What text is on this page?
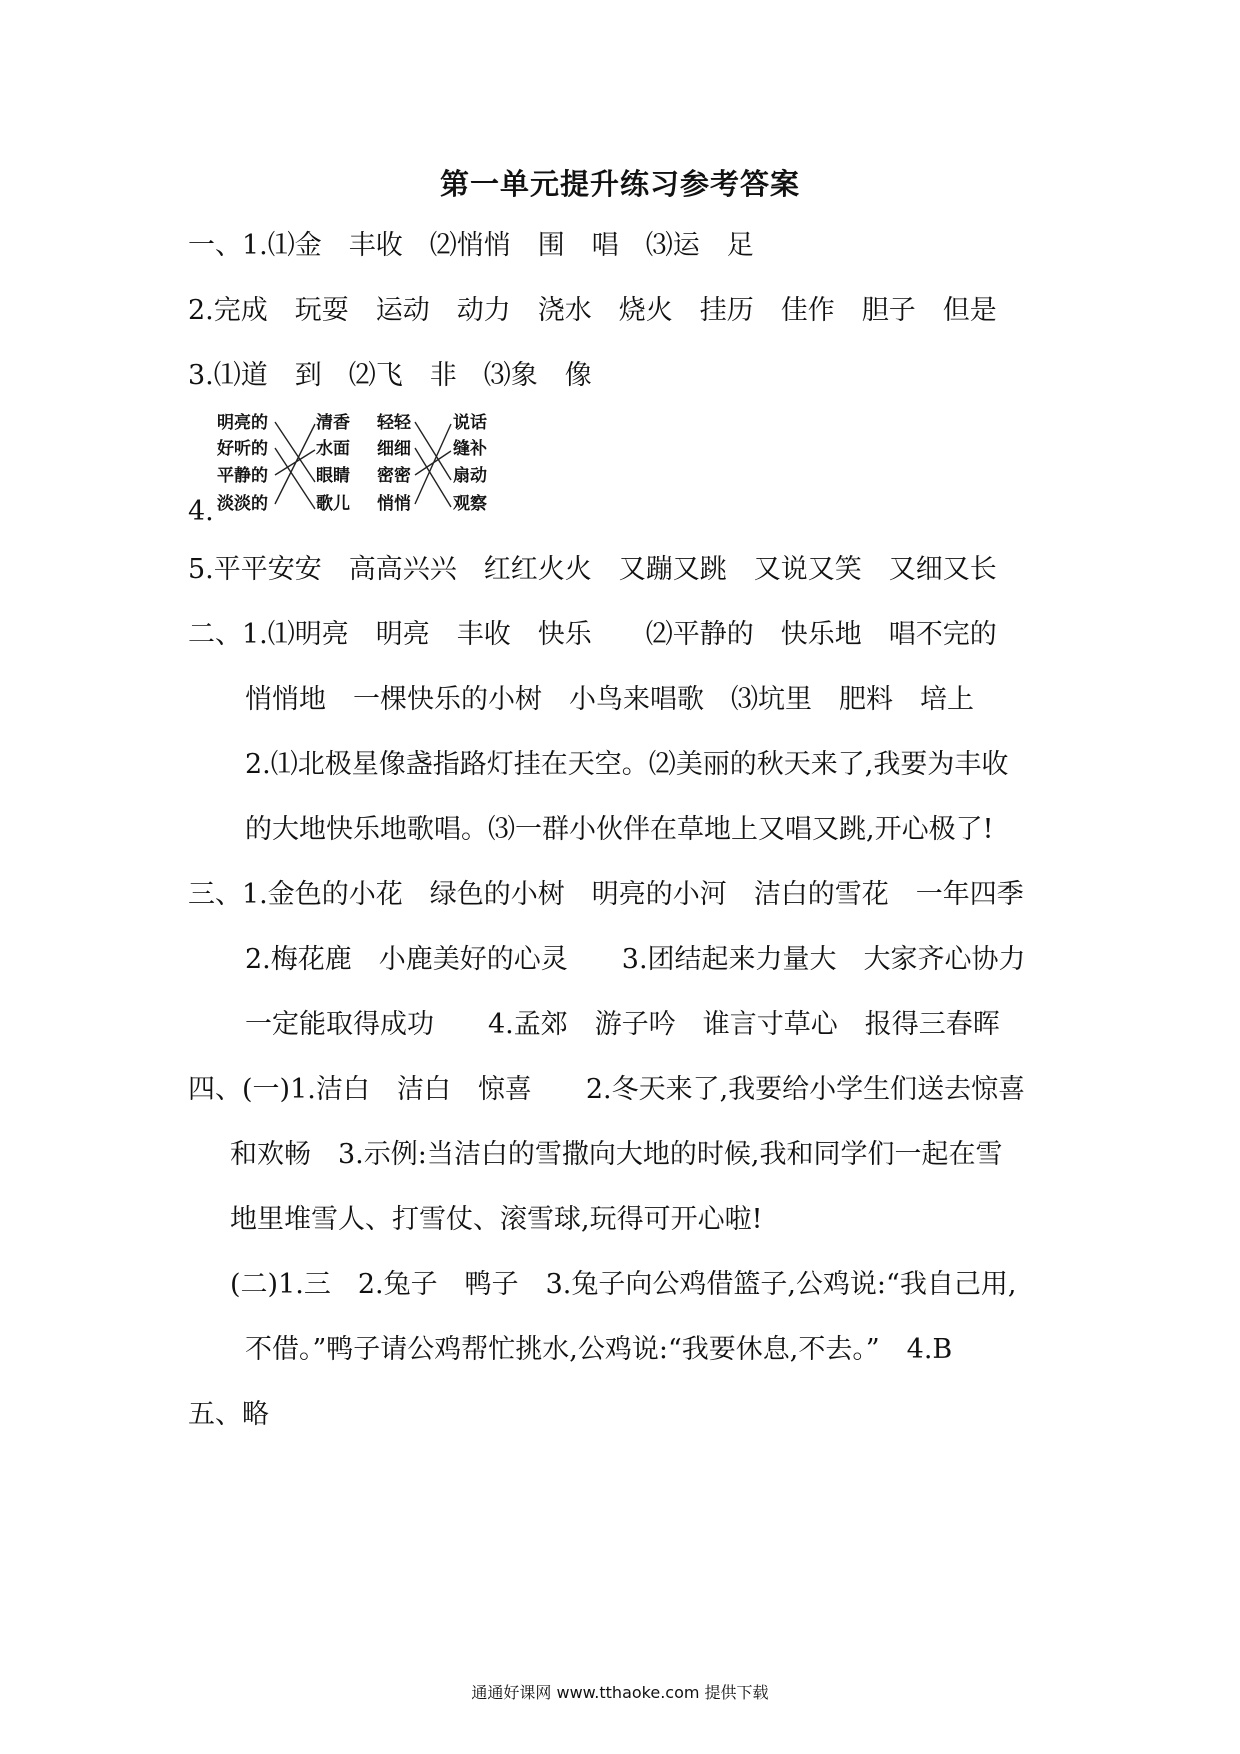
第一单元提升练习参考答案
一、1.⑴金　丰收　⑵悄悄　围　唱　⑶运　足
2.完成　玩耍　运动　动力　浇水　烧火　挂历　佳作　胆子　但是
3.⑴道　到　⑵飞　非　⑶象　像
4.
明亮的
好听的
平静的
淡淡的
清香
水面
眼睛
歌儿
轻轻
细细
密密
悄悄
说话
缝补
扇动
观察
5.平平安安　高高兴兴　红红火火　又蹦又跳　又说又笑　又细又长
二、1.⑴明亮　明亮　丰收　快乐　　⑵平静的　快乐地　唱不完的
悄悄地　一棵快乐的小树　小鸟来唱歌　⑶坑里　肥料　培上
2.⑴北极星像盏指路灯挂在天空。⑵美丽的秋天来了,我要为丰收
的大地快乐地歌唱。⑶一群小伙伴在草地上又唱又跳,开心极了!
三、1.金色的小花　绿色的小树　明亮的小河　洁白的雪花　一年四季
2.梅花鹿　小鹿美好的心灵　　3.团结起来力量大　大家齐心协力
一定能取得成功　　4.孟郊　游子吟　谁言寸草心　报得三春晖
四、(一)1.洁白　洁白　惊喜　　2.冬天来了,我要给小学生们送去惊喜
和欢畅　3.示例:当洁白的雪撒向大地的时候,我和同学们一起在雪
地里堆雪人、打雪仗、滚雪球,玩得可开心啦!
(二)1.三　2.兔子　鸭子　3.兔子向公鸡借篮子,公鸡说:“我自己用,
不借。”鸭子请公鸡帮忙挑水,公鸡说:“我要休息,不去。”　4.B
五、略
通通好课网 www.tthaoke.com 提供下载
